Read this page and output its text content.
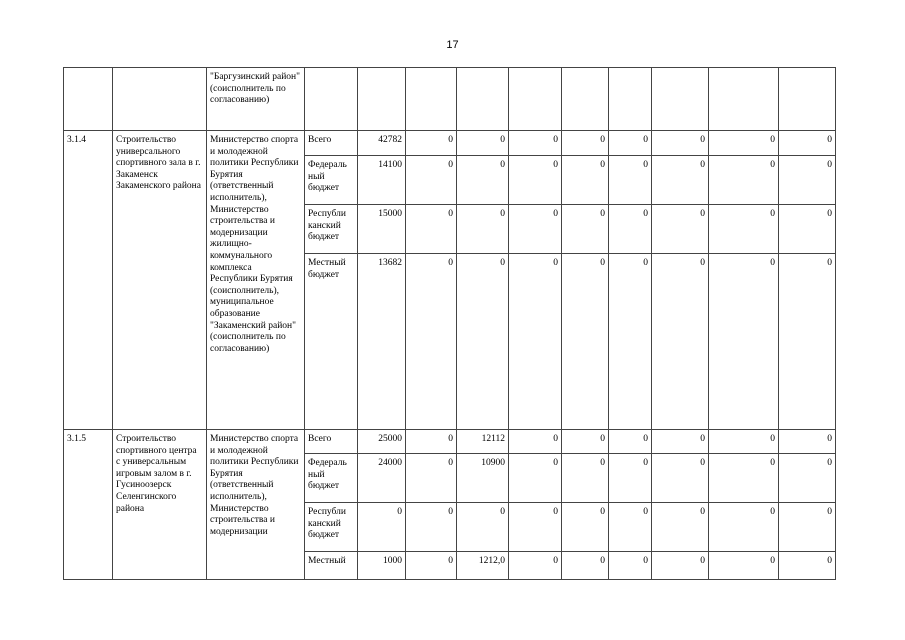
17
		"Баргузинский район" (соисполнитель по согласованию)										
3.1.4	Строительство универсального спортивного зала в г. Закаменск Закаменского района	Министерство спорта и молодежной политики Республики Бурятия (ответственный исполнитель), Министерство строительства и модернизации жилищно-коммунального комплекса Республики Бурятия (соисполнитель), муниципальное образование "Закаменский район" (соисполнитель по согласованию)	Всего	42782	0	0	0	0	0	0	0	0
			Федераль ный бюджет	14100	0	0	0	0	0	0	0	0
			Республи канский бюджет	15000	0	0	0	0	0	0	0	0
			Местный бюджет	13682	0	0	0	0	0	0	0	0
3.1.5	Строительство спортивного центра с универсальным игровым залом в г. Гусиноозерск Селенгинского района	Министерство спорта и молодежной политики Республики Бурятия (ответственный исполнитель), Министерство строительства и модернизации	Всего	25000	0	12112	0	0	0	0	0	0
			Федераль ный бюджет	24000	0	10900	0	0	0	0	0	0
			Республи канский бюджет	0	0	0	0	0	0	0	0	0
			Местный	1000	0	1212,0	0	0	0	0	0	0
